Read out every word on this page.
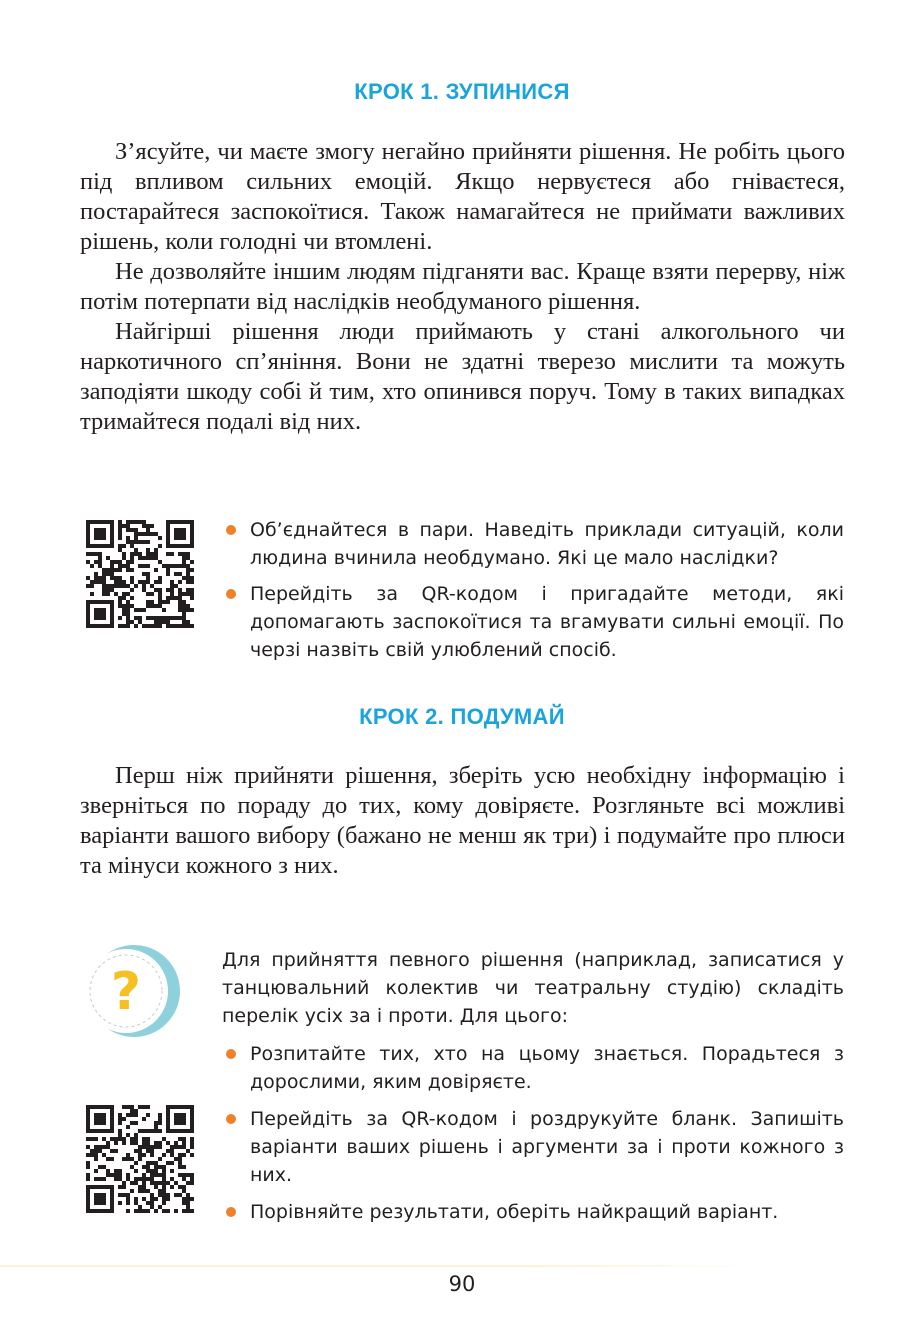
КРОК 1. ЗУПИНИСЯ

З’ясуйте, чи маєте змогу негайно прийняти рішення. Не робіть цього під впливом сильних емоцій. Якщо нервуєтеся або гніваєтеся, постарайтеся заспокоїтися. Також намагайтеся не приймати важливих рішень, коли голодні чи втомлені.

Не дозволяйте іншим людям підганяти вас. Краще взяти перерву, ніж потім потерпати від наслідків необдуманого рішення.

Найгірші рішення люди приймають у стані алкогольного чи наркотичного сп’яніння. Вони не здатні тверезо мислити та можуть заподіяти шкоду собі й тим, хто опинився поруч. Тому в таких випадках тримайтеся подалі від них.

Об’єднайтеся в пари. Наведіть приклади ситуацій, коли людина вчинила необдумано. Які це мало наслідки?
Перейдіть за QR-кодом і пригадайте методи, які допомагають заспокоїтися та вгамувати сильні емоції. По черзі назвіть свій улюблений спосіб.
КРОК 2. ПОДУМАЙ

Перш ніж прийняти рішення, зберіть усю необхідну інформацію і зверніться по пораду до тих, кому довіряєте. Розгляньте всі можливі варіанти вашого вибору (бажано не менш як три) і подумайте про плюси та мінуси кожного з них.

?
Для прийняття певного рішення (наприклад, записатися у танцювальний колектив чи театральну студію) складіть перелік усіх за і проти. Для цього:
Розпитайте тих, хто на цьому знається. Порадьтеся з дорослими, яким довіряєте.
Перейдіть за QR-кодом і роздрукуйте бланк. Запишіть варіанти ваших рішень і аргументи за і проти кожного з них.
Порівняйте результати, оберіть найкращий варіант.
90
